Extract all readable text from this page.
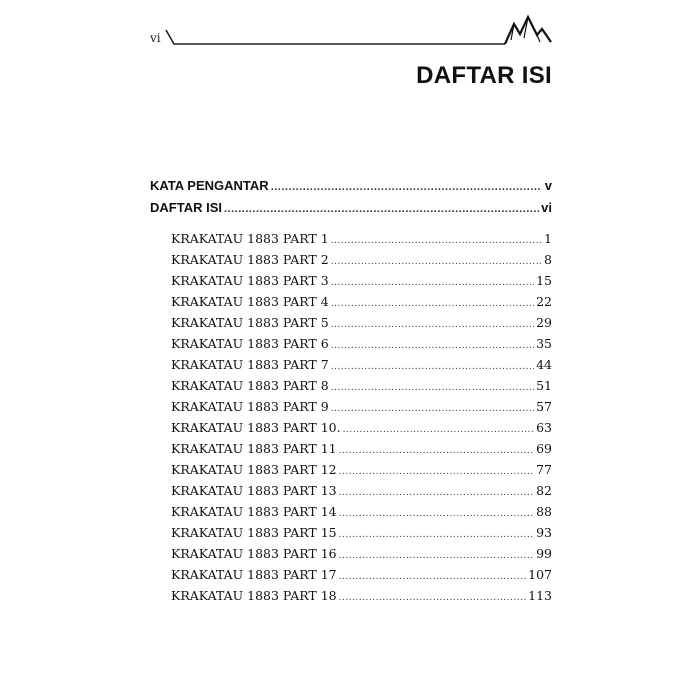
vi
DAFTAR ISI
KATA PENGANTAR .....	v
DAFTAR ISI .....	vi
KRAKATAU 1883 PART 1 .....	1
KRAKATAU 1883 PART 2 .....	8
KRAKATAU 1883 PART 3 .....	15
KRAKATAU 1883 PART 4 .....	22
KRAKATAU 1883 PART 5 .....	29
KRAKATAU 1883 PART 6 .....	35
KRAKATAU 1883 PART 7 .....	44
KRAKATAU 1883 PART 8 .....	51
KRAKATAU 1883 PART 9 .....	57
KRAKATAU 1883 PART 10. .....	63
KRAKATAU 1883 PART 11 .....	69
KRAKATAU 1883 PART 12 .....	77
KRAKATAU 1883 PART 13 .....	82
KRAKATAU 1883 PART 14 .....	88
KRAKATAU 1883 PART 15 .....	93
KRAKATAU 1883 PART 16 .....	99
KRAKATAU 1883 PART 17 .....	107
KRAKATAU 1883 PART 18 .....	113
